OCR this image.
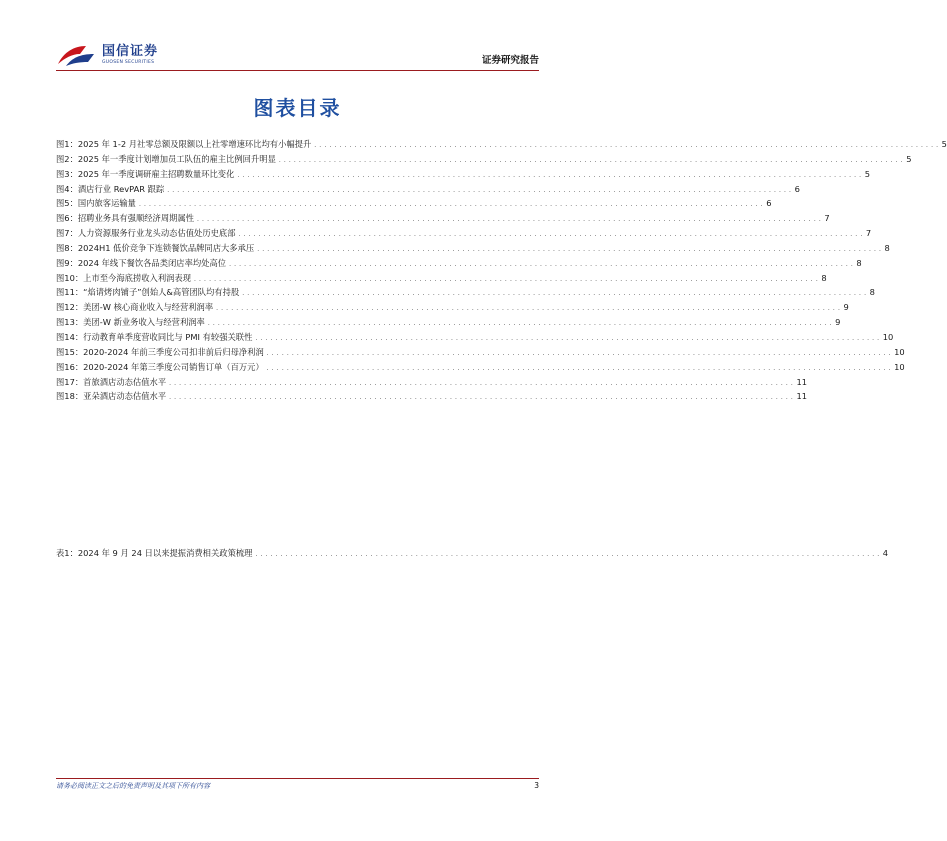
国信证券
GUOSEN SECURITIES	证券研究报告
图表目录
图1： 2025 年 1-2 月社零总额及限额以上社零增速环比均有小幅提升 . . .	5
图2： 2025 年一季度计划增加员工队伍的雇主比例回升明显 . . .	5
图3： 2025 年一季度调研雇主招聘数量环比变化 . . .	5
图4： 酒店行业 RevPAR 跟踪 . . .	6
图5： 国内旅客运输量 . . .	6
图6： 招聘业务具有强顺经济周期属性 . . .	7
图7： 人力资源服务行业龙头动态估值处历史底部 . . .	7
图8： 2024H1 低价竞争下连锁餐饮品牌同店大多承压 . . .	8
图9： 2024 年线下餐饮各品类闭店率均处高位 . . .	8
图10： 上市至今海底捞收入利润表现 . . .	8
图11： “焰请烤肉铺子”创始人&高管团队均有持股 . . .	8
图12： 美团-W 核心商业收入与经营利润率 . . .	9
图13： 美团-W 新业务收入与经营利润率 . . .	9
图14： 行动教育单季度营收同比与 PMI 有较强关联性 . . .	10
图15： 2020-2024 年前三季度公司扣非前后归母净利润 . . .	10
图16： 2020-2024 年第三季度公司销售订单（百万元） . . .	10
图17： 首旅酒店动态估值水平 . . .	11
图18： 亚朵酒店动态估值水平 . . .	11
表1： 2024 年 9 月 24 日以来提振消费相关政策梳理 . . .	4
请务必阅读正文之后的免责声明及其项下所有内容	3
